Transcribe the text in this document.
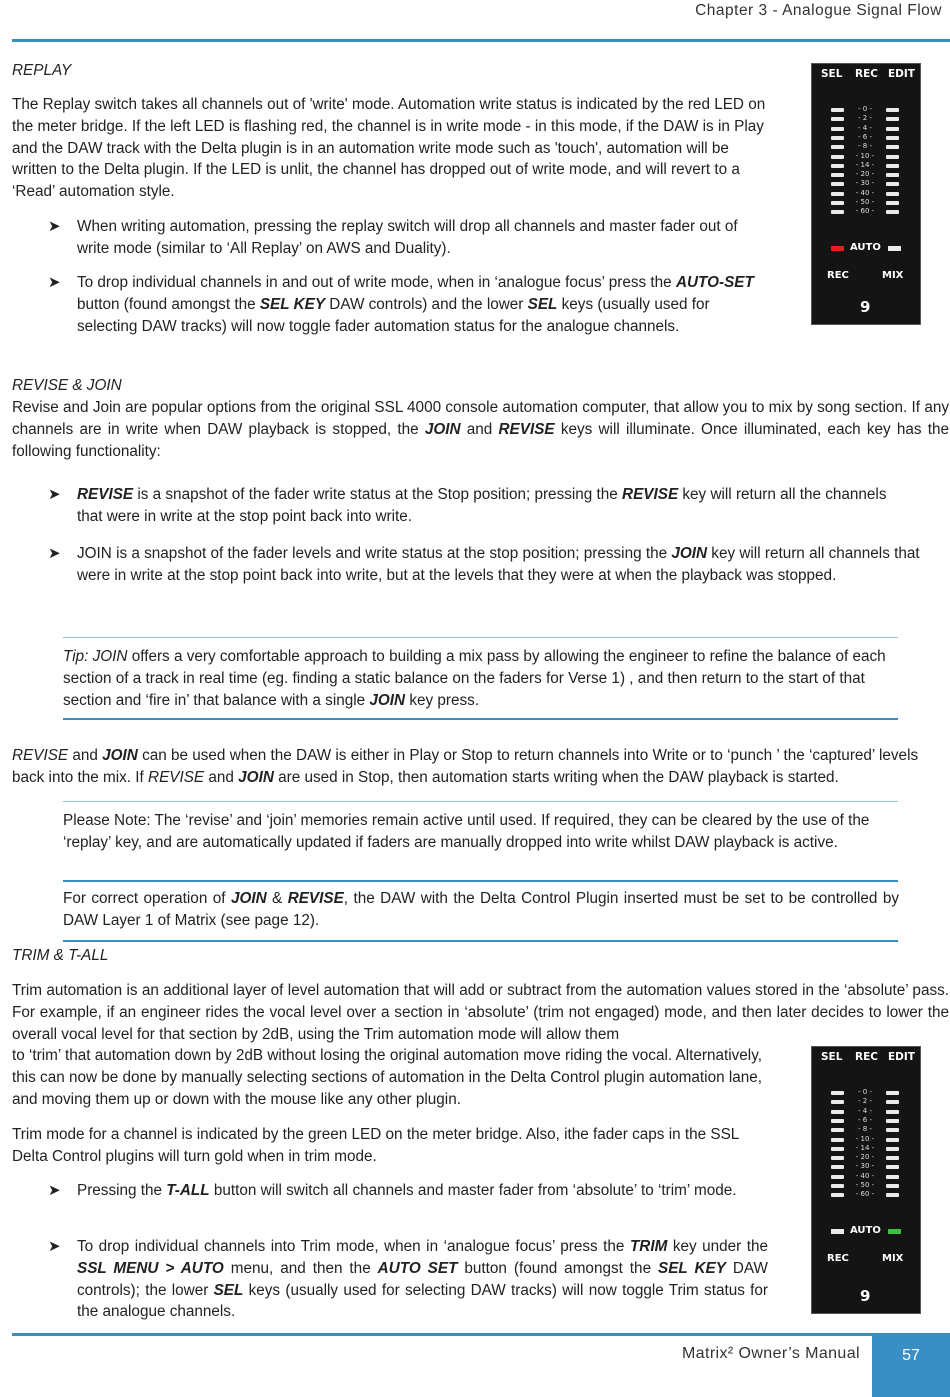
Chapter 3 - Analogue Signal Flow
REPLAY

The Replay switch takes all channels out of 'write' mode. Automation write status is indicated by the red LED on the meter bridge. If the left LED is flashing red, the channel is in write mode - in this mode, if the DAW is in Play and the DAW track with the Delta plugin is in an automation write mode such as 'touch', automation will be written to the Delta plugin. If the LED is unlit, the channel has dropped out of write mode, and will revert to a ‘Read’ automation style.

➤ When writing automation, pressing the replay switch will drop all channels and master fader out of write mode (similar to ‘All Replay’ on AWS and Duality).
➤ To drop individual channels in and out of write mode, when in ‘analogue focus’ press the AUTO-SET button (found amongst the SEL KEY DAW controls) and the lower SEL keys (usually used for selecting DAW tracks) will now toggle fader automation status for the analogue channels.
SEL REC EDIT
- 0 -
- 2 -
- 4 -
- 6 -
- 8 -
- 10 -
- 14 -
- 20 -
- 30 -
- 40 -
- 50 -
- 60 -
AUTO
REC	MIX
9
REVISE & JOIN

Revise and Join are popular options from the original SSL 4000 console automation computer, that allow you to mix by song section. If any channels are in write when DAW playback is stopped, the JOIN and REVISE keys will illuminate. Once illuminated, each key has the following functionality:

➤ REVISE is a snapshot of the fader write status at the Stop position; pressing the REVISE key will return all the channels that were in write at the stop point back into write.
➤ JOIN is a snapshot of the fader levels and write status at the stop position; pressing the JOIN key will return all channels that were in write at the stop point back into write, but at the levels that they were at when the playback was stopped.

Tip: JOIN offers a very comfortable approach to building a mix pass by allowing the engineer to refine the balance of each section of a track in real time (eg. finding a static balance on the faders for Verse 1) , and then return to the start of that section and ‘fire in’ that balance with a single JOIN key press.

REVISE and JOIN can be used when the DAW is either in Play or Stop to return channels into Write or to ‘punch ’ the ‘captured’ levels back into the mix. If REVISE and JOIN are used in Stop, then automation starts writing when the DAW playback is started.

Please Note: The ‘revise’ and ‘join’ memories remain active until used. If required, they can be cleared by the use of the ‘replay’ key, and are automatically updated if faders are manually dropped into write whilst DAW playback is active.

For correct operation of JOIN & REVISE, the DAW with the Delta Control Plugin inserted must be set to be controlled by DAW Layer 1 of Matrix (see page 12).

TRIM & T-ALL

Trim automation is an additional layer of level automation that will add or subtract from the automation values stored in the ‘absolute’ pass. For example, if an engineer rides the vocal level over a section in ‘absolute’ (trim not engaged) mode, and then later decides to lower the overall vocal level for that section by 2dB, using the Trim automation mode will allow them

to ‘trim’ that automation down by 2dB without losing the original automation move riding the vocal. Alternatively, this can now be done by manually selecting sections of automation in the Delta Control plugin automation lane, and moving them up or down with the mouse like any other plugin.

Trim mode for a channel is indicated by the green LED on the meter bridge. Also, ithe fader caps in the SSL Delta Control plugins will turn gold when in trim mode.

➤ Pressing the T-ALL button will switch all channels and master fader from ‘absolute’ to ‘trim’ mode.
➤ To drop individual channels into Trim mode, when in ‘analogue focus’ press the TRIM key under the SSL MENU > AUTO menu, and then the AUTO SET button (found amongst the SEL KEY DAW controls); the lower SEL keys (usually used for selecting DAW tracks) will now toggle Trim status for the analogue channels.
SEL REC EDIT
- 0 -
- 2 -
- 4 -
- 6 -
- 8 -
- 10 -
- 14 -
- 20 -
- 30 -
- 40 -
- 50 -
- 60 -
AUTO
REC	MIX
9
Matrix² Owner’s Manual	57
